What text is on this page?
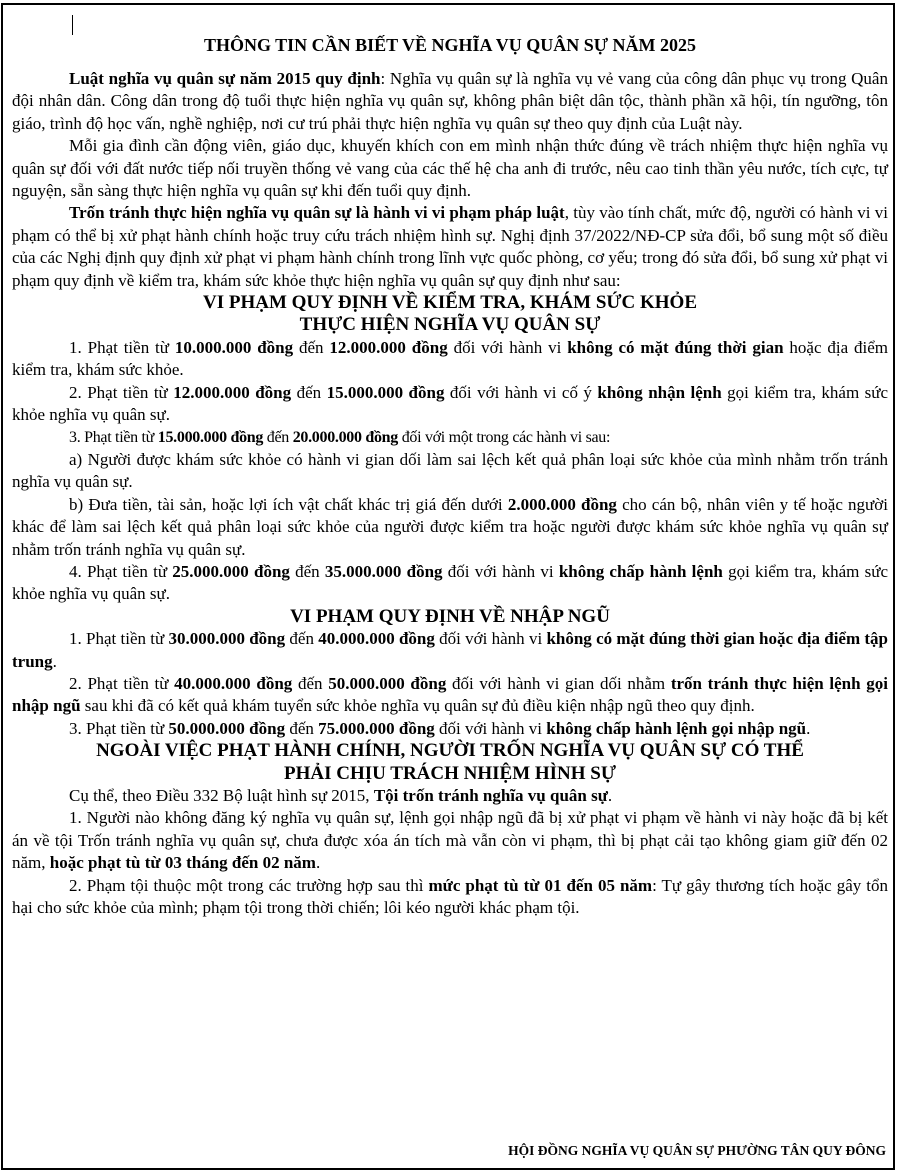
THÔNG TIN CẦN BIẾT VỀ NGHĨA VỤ QUÂN SỰ NĂM 2025

Luật nghĩa vụ quân sự năm 2015 quy định: Nghĩa vụ quân sự là nghĩa vụ vẻ vang của công dân phục vụ trong Quân đội nhân dân. Công dân trong độ tuổi thực hiện nghĩa vụ quân sự, không phân biệt dân tộc, thành phần xã hội, tín ngưỡng, tôn giáo, trình độ học vấn, nghề nghiệp, nơi cư trú phải thực hiện nghĩa vụ quân sự theo quy định của Luật này.

Mỗi gia đình cần động viên, giáo dục, khuyến khích con em mình nhận thức đúng về trách nhiệm thực hiện nghĩa vụ quân sự đối với đất nước tiếp nối truyền thống vẻ vang của các thế hệ cha anh đi trước, nêu cao tinh thần yêu nước, tích cực, tự nguyện, sẵn sàng thực hiện nghĩa vụ quân sự khi đến tuổi quy định.

Trốn tránh thực hiện nghĩa vụ quân sự là hành vi vi phạm pháp luật, tùy vào tính chất, mức độ, người có hành vi vi phạm có thể bị xử phạt hành chính hoặc truy cứu trách nhiệm hình sự. Nghị định 37/2022/NĐ-CP sửa đổi, bổ sung một số điều của các Nghị định quy định xử phạt vi phạm hành chính trong lĩnh vực quốc phòng, cơ yếu; trong đó sửa đổi, bổ sung xử phạt vi phạm quy định về kiểm tra, khám sức khỏe thực hiện nghĩa vụ quân sự quy định như sau:

VI PHẠM QUY ĐỊNH VỀ KIỂM TRA, KHÁM SỨC KHỎE
THỰC HIỆN NGHĨA VỤ QUÂN SỰ

1. Phạt tiền từ 10.000.000 đồng đến 12.000.000 đồng đối với hành vi không có mặt đúng thời gian hoặc địa điểm kiểm tra, khám sức khỏe.

2. Phạt tiền từ 12.000.000 đồng đến 15.000.000 đồng đối với hành vi cố ý không nhận lệnh gọi kiểm tra, khám sức khỏe nghĩa vụ quân sự.

3. Phạt tiền từ 15.000.000 đồng đến 20.000.000 đồng đối với một trong các hành vi sau:

a) Người được khám sức khỏe có hành vi gian dối làm sai lệch kết quả phân loại sức khỏe của mình nhằm trốn tránh nghĩa vụ quân sự.

b) Đưa tiền, tài sản, hoặc lợi ích vật chất khác trị giá đến dưới 2.000.000 đồng cho cán bộ, nhân viên y tế hoặc người khác để làm sai lệch kết quả phân loại sức khỏe của người được kiểm tra hoặc người được khám sức khỏe nghĩa vụ quân sự nhằm trốn tránh nghĩa vụ quân sự.

4. Phạt tiền từ 25.000.000 đồng đến 35.000.000 đồng đối với hành vi không chấp hành lệnh gọi kiểm tra, khám sức khỏe nghĩa vụ quân sự.

VI PHẠM QUY ĐỊNH VỀ NHẬP NGŨ

1. Phạt tiền từ 30.000.000 đồng đến 40.000.000 đồng đối với hành vi không có mặt đúng thời gian hoặc địa điểm tập trung.

2. Phạt tiền từ 40.000.000 đồng đến 50.000.000 đồng đối với hành vi gian dối nhằm trốn tránh thực hiện lệnh gọi nhập ngũ sau khi đã có kết quả khám tuyển sức khỏe nghĩa vụ quân sự đủ điều kiện nhập ngũ theo quy định.

3. Phạt tiền từ 50.000.000 đồng đến 75.000.000 đồng đối với hành vi không chấp hành lệnh gọi nhập ngũ.

NGOÀI VIỆC PHẠT HÀNH CHÍNH, NGƯỜI TRỐN NGHĨA VỤ QUÂN SỰ CÓ THỂ
PHẢI CHỊU TRÁCH NHIỆM HÌNH SỰ

Cụ thể, theo Điều 332 Bộ luật hình sự 2015, Tội trốn tránh nghĩa vụ quân sự.

1. Người nào không đăng ký nghĩa vụ quân sự, lệnh gọi nhập ngũ đã bị xử phạt vi phạm về hành vi này hoặc đã bị kết án về tội Trốn tránh nghĩa vụ quân sự, chưa được xóa án tích mà vẫn còn vi phạm, thì bị phạt cải tạo không giam giữ đến 02 năm, hoặc phạt tù từ 03 tháng đến 02 năm.

2. Phạm tội thuộc một trong các trường hợp sau thì mức phạt tù từ 01 đến 05 năm: Tự gây thương tích hoặc gây tổn hại cho sức khỏe của mình; phạm tội trong thời chiến; lôi kéo người khác phạm tội.

HỘI ĐỒNG NGHĨA VỤ QUÂN SỰ PHƯỜNG TÂN QUY ĐÔNG
